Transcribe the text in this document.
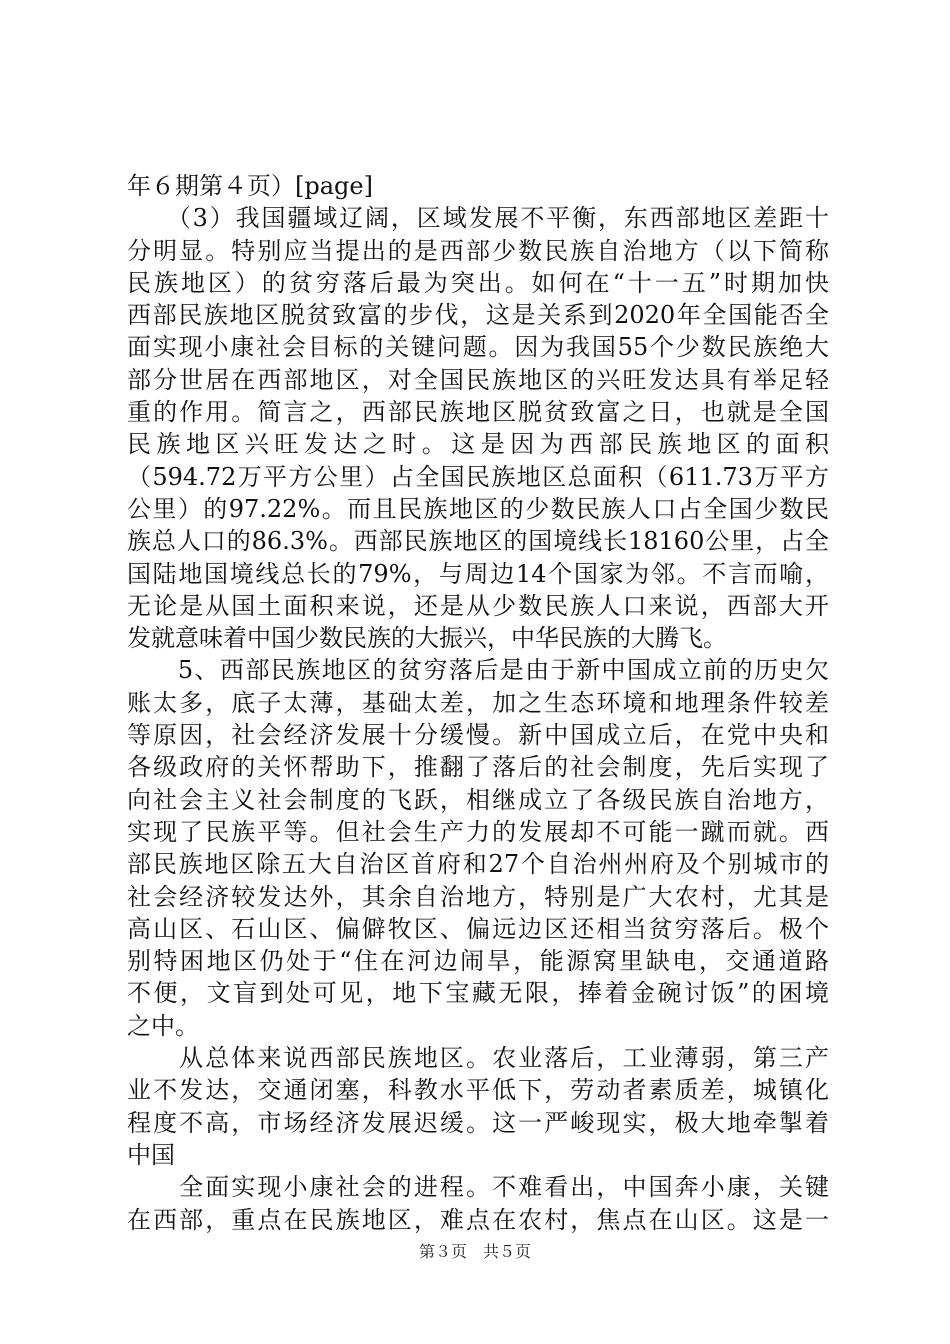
年６期第４页）[page]
　　（3）我国疆域辽阔，区域发展不平衡，东西部地区差距十
分明显。特别应当提出的是西部少数民族自治地方（以下简称
民族地区）的贫穷落后最为突出。如何在“十一五”时期加快
西部民族地区脱贫致富的步伐，这是关系到2020年全国能否全
面实现小康社会目标的关键问题。因为我国55个少数民族绝大
部分世居在西部地区，对全国民族地区的兴旺发达具有举足轻
重的作用。简言之，西部民族地区脱贫致富之日，也就是全国
民族地区兴旺发达之时。这是因为西部民族地区的面积
（594.72万平方公里）占全国民族地区总面积（611.73万平方
公里）的97.22%。而且民族地区的少数民族人口占全国少数民
族总人口的86.3%。西部民族地区的国境线长18160公里，占全
国陆地国境线总长的79%，与周边14个国家为邻。不言而喻，
无论是从国土面积来说，还是从少数民族人口来说，西部大开
发就意味着中国少数民族的大振兴，中华民族的大腾飞。
　　5、西部民族地区的贫穷落后是由于新中国成立前的历史欠
账太多，底子太薄，基础太差，加之生态环境和地理条件较差
等原因，社会经济发展十分缓慢。新中国成立后，在党中央和
各级政府的关怀帮助下，推翻了落后的社会制度，先后实现了
向社会主义社会制度的飞跃，相继成立了各级民族自治地方，
实现了民族平等。但社会生产力的发展却不可能一蹴而就。西
部民族地区除五大自治区首府和27个自治州州府及个别城市的
社会经济较发达外，其余自治地方，特别是广大农村，尤其是
高山区、石山区、偏僻牧区、偏远边区还相当贫穷落后。极个
别特困地区仍处于“住在河边闹旱，能源窝里缺电，交通道路
不便，文盲到处可见，地下宝藏无限，捧着金碗讨饭”的困境
之中。
　　从总体来说西部民族地区。农业落后，工业薄弱，第三产
业不发达，交通闭塞，科教水平低下，劳动者素质差，城镇化
程度不高，市场经济发展迟缓。这一严峻现实，极大地牵掣着
中国
　　全面实现小康社会的进程。不难看出，中国奔小康，关键
在西部，重点在民族地区，难点在农村，焦点在山区。这是一
第３页　共５页
